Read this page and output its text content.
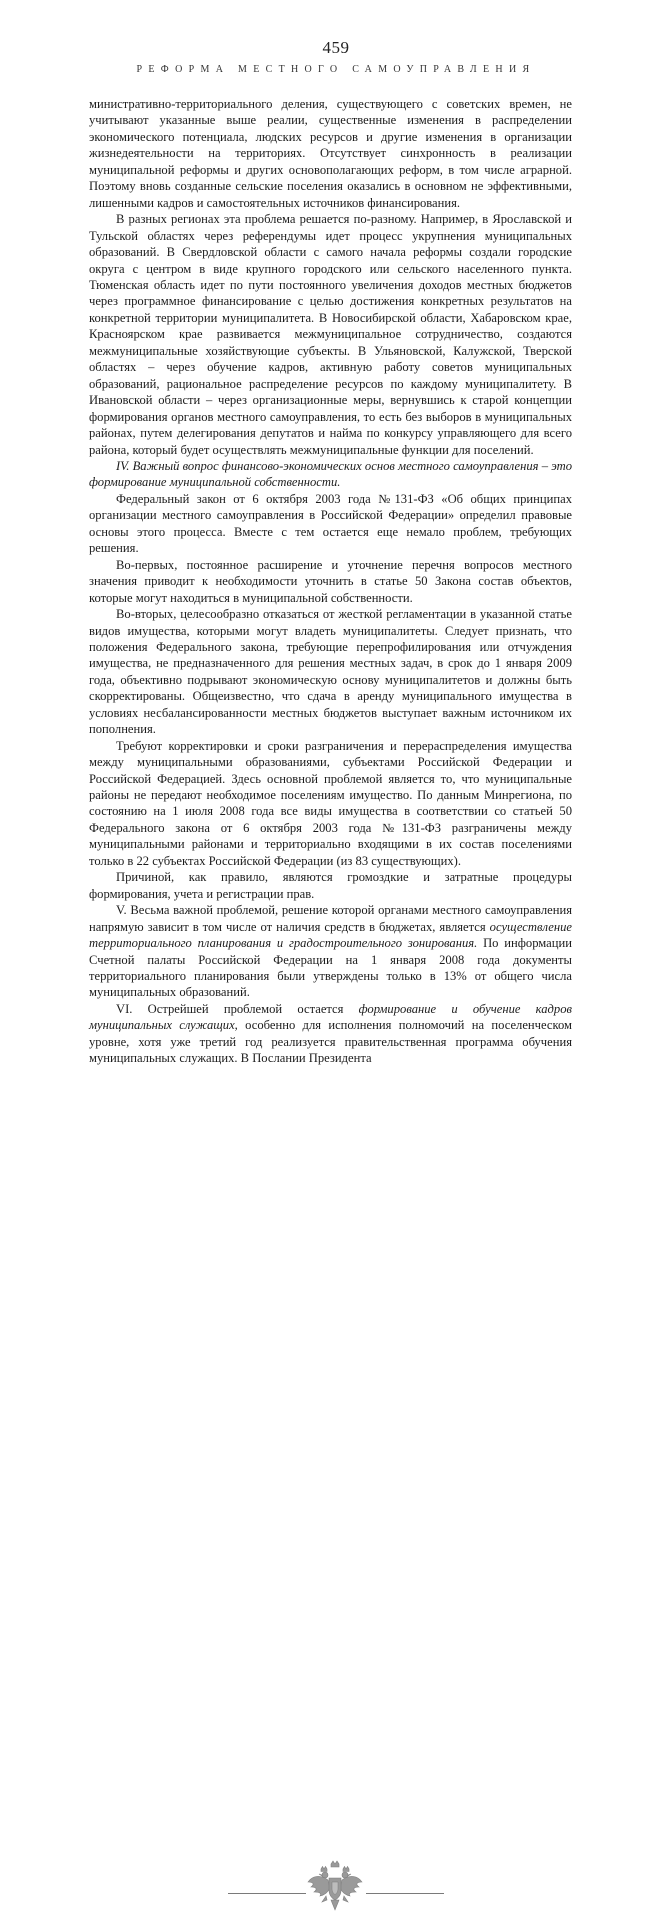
459
РЕФОРМА МЕСТНОГО САМОУПРАВЛЕНИЯ

министративно-территориального деления, существующего с советских времен, не учитывают указанные выше реалии, существенные изменения в распределении экономического потенциала, людских ресурсов и другие изменения в организации жизнедеятельности на территориях. Отсутствует синхронность в реализации муниципальной реформы и других основополагающих реформ, в том числе аграрной. Поэтому вновь созданные сельские поселения оказались в основном не эффективными, лишенными кадров и самостоятельных источников финансирования.

В разных регионах эта проблема решается по-разному. Например, в Ярославской и Тульской областях через референдумы идет процесс укрупнения муниципальных образований. В Свердловской области с самого начала реформы создали городские округа с центром в виде крупного городского или сельского населенного пункта. Тюменская область идет по пути постоянного увеличения доходов местных бюджетов через программное финансирование с целью достижения конкретных результатов на конкретной территории муниципалитета. В Новосибирской области, Хабаровском крае, Красноярском крае развивается межмуниципальное сотрудничество, создаются межмуниципальные хозяйствующие субъекты. В Ульяновской, Калужской, Тверской областях – через обучение кадров, активную работу советов муниципальных образований, рациональное распределение ресурсов по каждому муниципалитету. В Ивановской области – через организационные меры, вернувшись к старой концепции формирования органов местного самоуправления, то есть без выборов в муниципальных районах, путем делегирования депутатов и найма по конкурсу управляющего для всего района, который будет осуществлять межмуниципальные функции для поселений.

IV. Важный вопрос финансово-экономических основ местного самоуправления – это формирование муниципальной собственности.

Федеральный закон от 6 октября 2003 года №131-ФЗ «Об общих принципах организации местного самоуправления в Российской Федерации» определил правовые основы этого процесса. Вместе с тем остается еще немало проблем, требующих решения.

Во-первых, постоянное расширение и уточнение перечня вопросов местного значения приводит к необходимости уточнить в статье 50 Закона состав объектов, которые могут находиться в муниципальной собственности.

Во-вторых, целесообразно отказаться от жесткой регламентации в указанной статье видов имущества, которыми могут владеть муниципалитеты. Следует признать, что положения Федерального закона, требующие перепрофилирования или отчуждения имущества, не предназначенного для решения местных задач, в срок до 1 января 2009 года, объективно подрывают экономическую основу муниципалитетов и должны быть скорректированы. Общеизвестно, что сдача в аренду муниципального имущества в условиях несбалансированности местных бюджетов выступает важным источником их пополнения.

Требуют корректировки и сроки разграничения и перераспределения имущества между муниципальными образованиями, субъектами Российской Федерации и Российской Федерацией. Здесь основной проблемой является то, что муниципальные районы не передают необходимое поселениям имущество. По данным Минрегиона, по состоянию на 1 июля 2008 года все виды имущества в соответствии со статьей 50 Федерального закона от 6 октября 2003 года №131-ФЗ разграничены между муниципальными районами и территориально входящими в их состав поселениями только в 22 субъектах Российской Федерации (из 83 существующих).

Причиной, как правило, являются громоздкие и затратные процедуры формирования, учета и регистрации прав.

V. Весьма важной проблемой, решение которой органами местного самоуправления напрямую зависит в том числе от наличия средств в бюджетах, является осуществление территориального планирования и градостроительного зонирования. По информации Счетной палаты Российской Федерации на 1 января 2008 года документы территориального планирования были утверждены только в 13% от общего числа муниципальных образований.

VI. Острейшей проблемой остается формирование и обучение кадров муниципальных служащих, особенно для исполнения полномочий на поселенческом уровне, хотя уже третий год реализуется правительственная программа обучения муниципальных служащих. В Послании Президента
